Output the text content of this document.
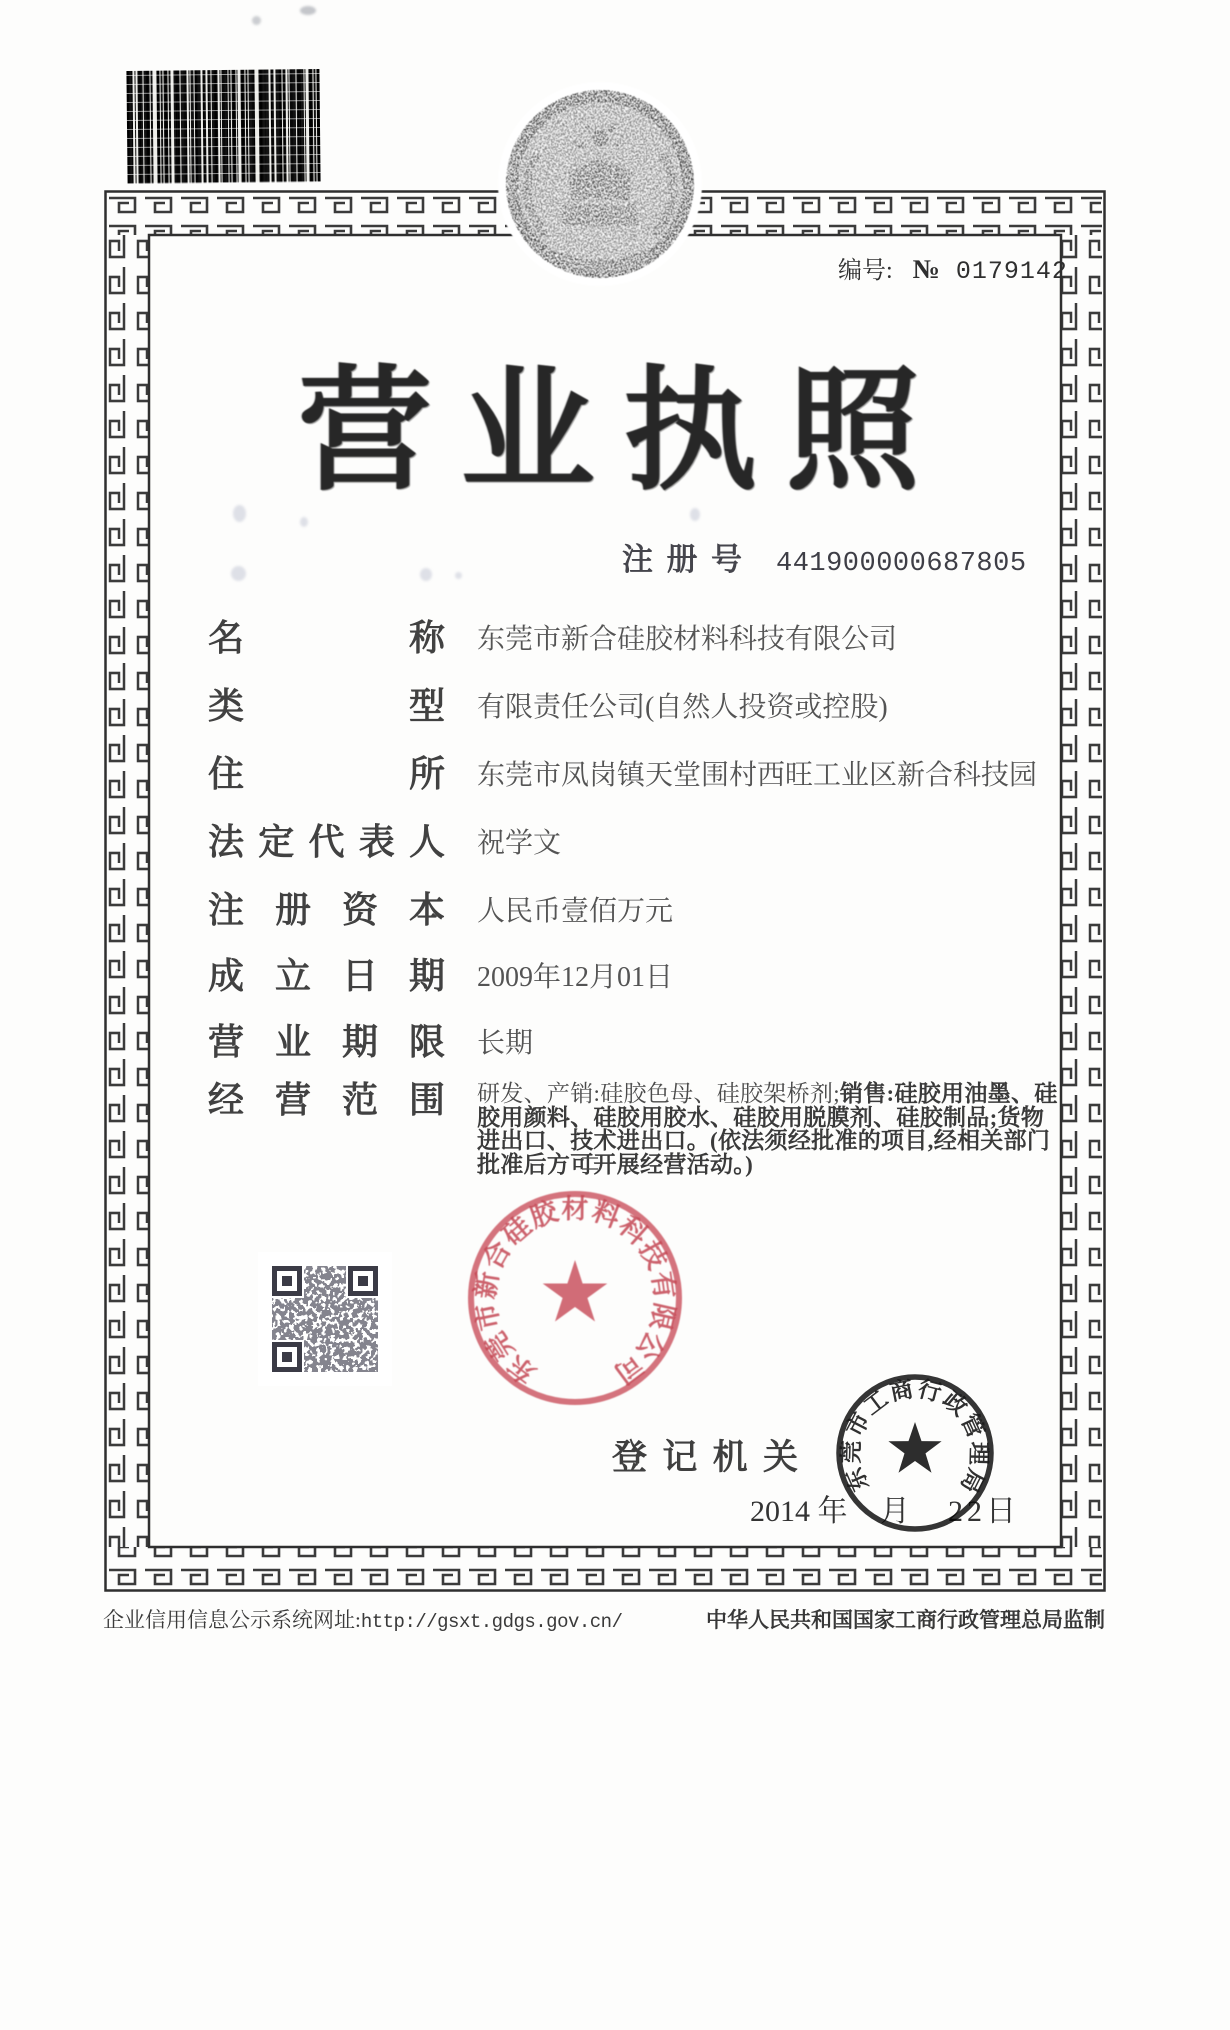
编号: № 0179142
营 业 执 照
注 册 号 441900000687805
名	称 东莞市新合硅胶材料科技有限公司
类	型 有限责任公司(自然人投资或控股)
住	所 东莞市凤岗镇天堂围村西旺工业区新合科技园
法 定 代 表 人 祝学文
注 册 资 本 人民币壹佰万元
成 立 日 期 2009年12月01日
营 业 期 限 长期
经 营 范 围 研发、产销:硅胶色母、硅胶架桥剂;销售:硅胶用油墨、硅胶用颜料、硅胶用胶水、硅胶用脱膜剂、硅胶制品;货物进出口、技术进出口。(依法须经批准的项目,经相关部门批准后方可开展经营活动。)
东莞市新合硅胶材料科技有限公司
登 记 机 关
2014 年 月 22日
东莞市工商行政管理局
企业信用信息公示系统网址:http://gsxt.gdgs.gov.cn/	中华人民共和国国家工商行政管理总局监制
